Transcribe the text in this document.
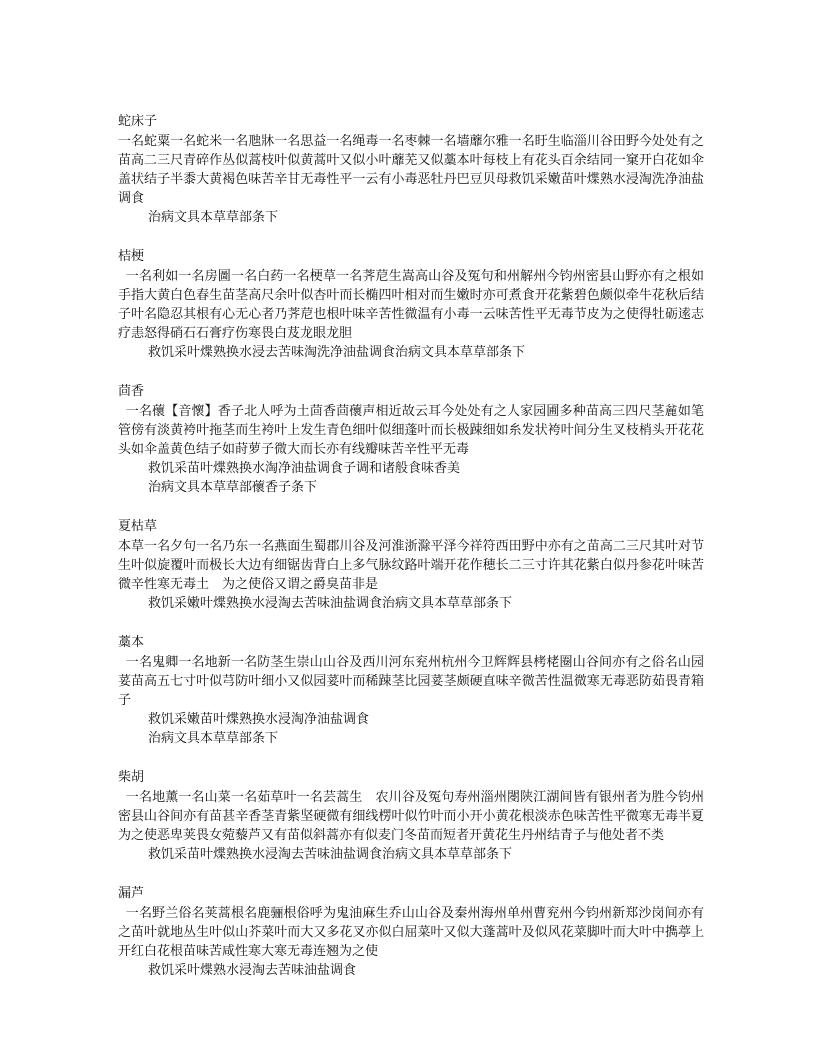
蛇床子
一名蛇粟一名蛇米一名虺牀一名思益一名绳毒一名枣棘一名墙蘼尔雅一名盱生临淄川谷田野今处处有之苗高二三尺青碎作丛似蒿枝叶似黄蒿叶又似小叶蘼芜又似藁本叶每枝上有花头百余结同一窠开白花如伞盖状结子半黍大黄褐色味苦辛甘无毒性平一云有小毒恶牡丹巴豆贝母救饥采嫩苗叶煠熟水浸淘洗净油盐调食
治病文具本草草部条下
桔梗
一名利如一名房圖一名白药一名梗草一名荠苨生嵩高山谷及冤句和州解州今钧州密县山野亦有之根如手指大黄白色春生苗茎高尺余叶似杏叶而长椭四叶相对而生嫩时亦可煮食开花紫碧色颇似牵牛花秋后结子叶名隐忍其根有心无心者乃荠苨也根叶味辛苦性微温有小毒一云味苦性平无毒节皮为之使得牡砺逺志疗恚怒得硝石石膏疗伤寒畏白芨龙眼龙胆
救饥采叶煠熟换水浸去苦味淘洗净油盐调食治病文具本草草部条下
茴香
一名蘹【音懷】香子北人呼为土茴香茴蘹声相近故云耳今处处有之人家园圃多种苗高三四尺茎麄如笔管傍有淡黄袴叶拖茎而生袴叶上发生青色细叶似细蓬叶而长极踈细如糸发状袴叶间分生叉枝梢头开花花头如伞盖黄色结子如莳萝子微大而长亦有线瓣味苦辛性平无毒
救饥采苗叶煠熟换水淘净油盐调食子调和诸般食味香美
治病文具本草草部蘹香子条下
夏枯草
本草一名夕句一名乃东一名燕面生蜀郡川谷及河淮浙滁平泽今祥符西田野中亦有之苗高二三尺其叶对节生叶似旋覆叶而极长大边有细锯齿背白上多气脉纹路叶端开花作穂长二三寸许其花紫白似丹参花叶味苦微辛性寒无毒土　为之使俗又谓之爵臭苗非是
救饥采嫩叶煠熟换水浸淘去苦味油盐调食治病文具本草草部条下
藁本
一名鬼卿一名地新一名防茎生崇山山谷及西川河东兖州杭州今卫辉辉县栲栳圈山谷间亦有之俗名山园荽苗高五七寸叶似芎防叶细小又似园荽叶而稀踈茎比园荽茎颇硬直味辛微苦性温微寒无毒恶防茹畏青箱子
救饥采嫩苗叶煠熟换水浸淘净油盐调食
治病文具本草草部条下
柴胡
一名地薰一名山菜一名茹草叶一名芸蒿生　农川谷及冤句寿州淄州閿陕江湖间皆有银州者为胜今钧州密县山谷间亦有苗甚辛香茎青紫坚硬微有细线楞叶似竹叶而小开小黄花根淡赤色味苦性平微寒无毒半夏为之使恶卑荚畏女菀藜芦又有苗似斜蒿亦有似麦门冬苗而短者开黄花生丹州结青子与他处者不类
救饥采苗叶煠熟换水浸淘去苦味油盐调食治病文具本草草部条下
漏芦
一名野兰俗名荚蒿根名鹿骊根俗呼为鬼油麻生乔山山谷及秦州海州单州曹兖州今钧州新郑沙岗间亦有之苗叶就地丛生叶似山芥菜叶而大又多花叉亦似白屈菜叶又似大蓬蒿叶及似风花菜脚叶而大叶中擕葶上开红白花根苗味苦咸性寒大寒无毒连翘为之使
救饥采叶煠熟水浸淘去苦味油盐调食
